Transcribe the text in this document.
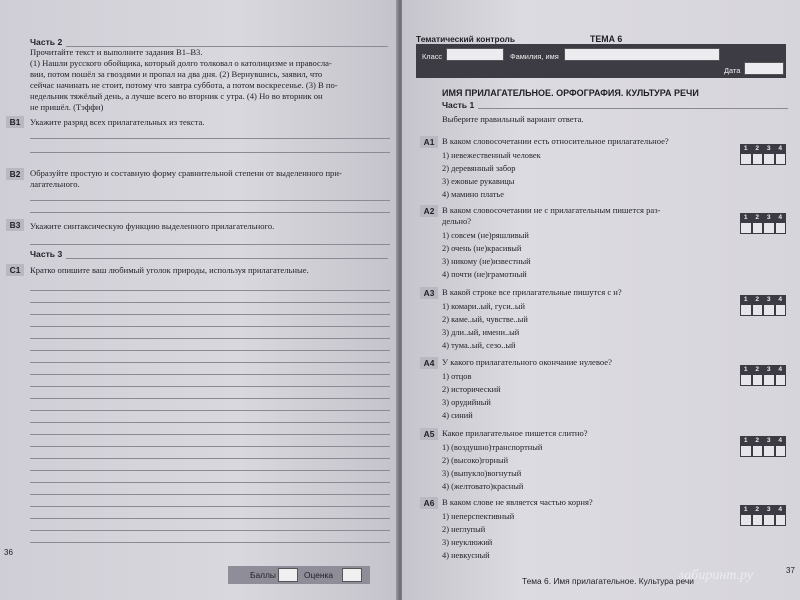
Часть 2
Прочитайте текст и выполните задания В1–В3.
(1) Нашли русского обойщика, который долго толковал о католицизме и правосла-
вии, потом пошёл за гвоздями и пропал на два дня. (2) Вернувшись, заявил, что
сейчас начинать не стоит, потому что завтра суббота, а потом воскресенье. (3) В по-
недельник тяжёлый день, а лучше всего во вторник с утра. (4) Но во вторник он
не пришёл. (Тэффи)
В1	Укажите разряд всех прилагательных из текста.
В2	Образуйте простую и составную форму сравнительной степени от выделенного при-
лагательного.
В3	Укажите синтаксическую функцию выделенного прилагательного.
Часть 3
С1	Кратко опишите ваш любимый уголок природы, используя прилагательные.
36
Баллы	Оценка
Тематический контроль	ТЕМА 6
Класс	Фамилия, имя
Дата
ИМЯ ПРИЛАГАТЕЛЬНОЕ. ОРФОГРАФИЯ. КУЛЬТУРА РЕЧИ
Часть 1
Выберите правильный вариант ответа.
А1 В каком словосочетании есть относительное прилагательное?
1) невежественный человек
2) деревянный забор
3) ежовые рукавицы
4) мамино платье
1	2	3	4
А2 В каком словосочетании не с прилагательным пишется раз-
дельно?
1) совсем (не)ряшливый
2) очень (не)красивый
3) никому (не)известный
4) почти (не)грамотный
1	2	3	4
А3 В какой строке все прилагательные пишутся с н?
1) комари..ый, гуси..ый
2) каме..ый, чувстве..ый
3) дли..ый, имени..ый
4) тума..ый, сезо..ый
1	2	3	4
А4 У какого прилагательного окончание нулевое?
1) отцов
2) исторический
3) орудийный
4) синий
1	2	3	4
А5 Какое прилагательное пишется слитно?
1) (воздушно)транспортный
2) (высоко)горный
3) (выпукло)вогнутый
4) (желтовато)красный
1	2	3	4
А6 В каком слове не является частью корня?
1) неперспективный
2) неглупый
3) неуклюжий
4) невкусный
1	2	3	4
Тема 6. Имя прилагательное. Культура речи
37
лабиринт.ру
